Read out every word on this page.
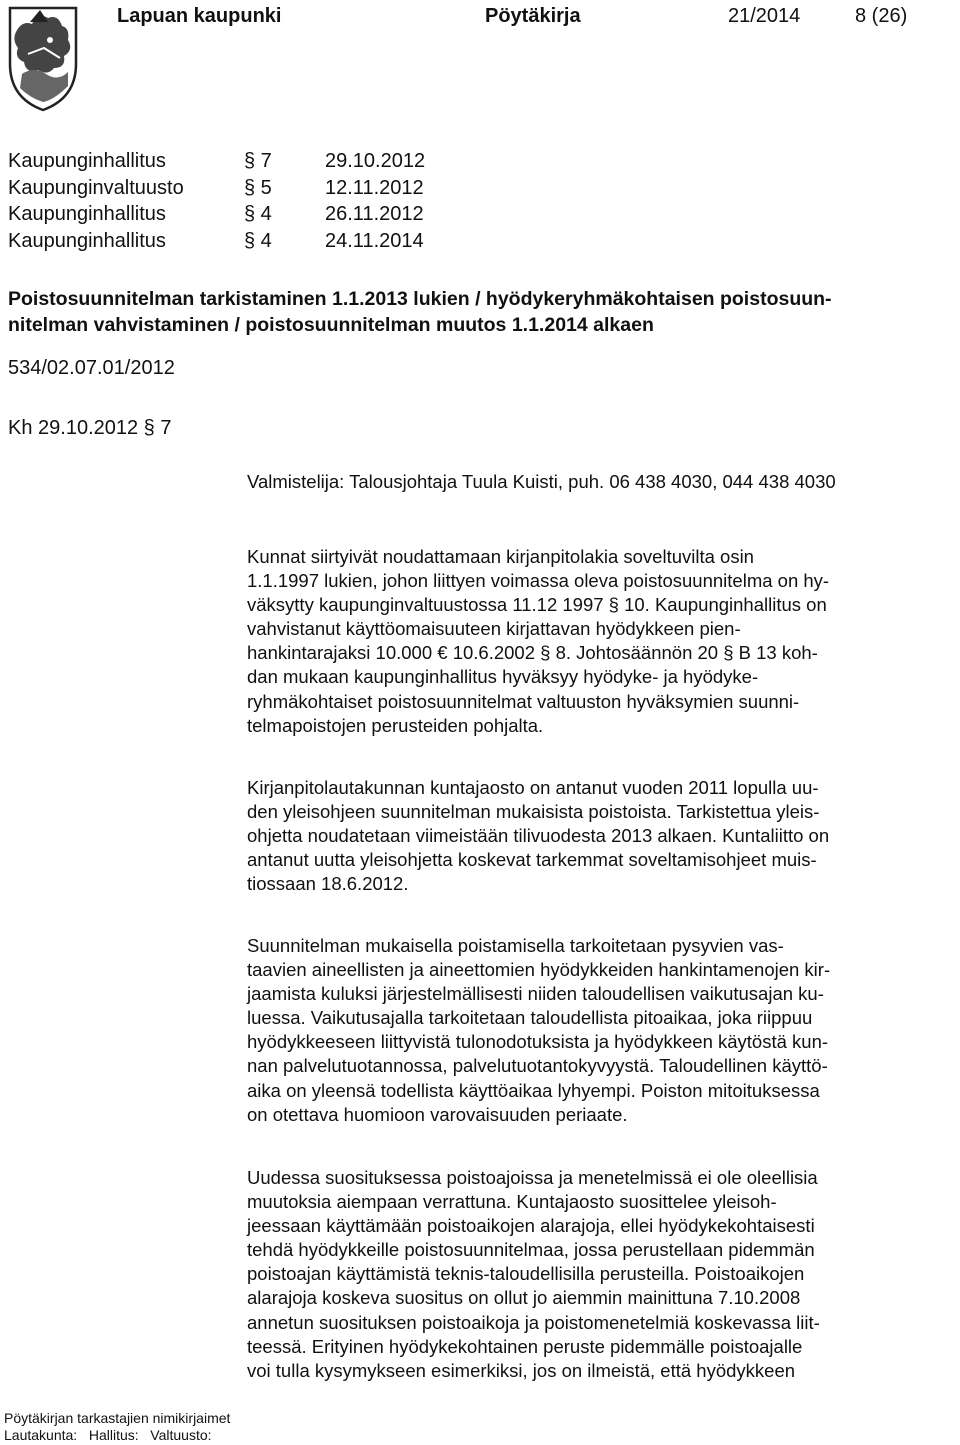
Lapuan kaupunki	Pöytäkirja	21/2014	8 (26)
Kaupunginhallitus	§ 7	29.10.2012
Kaupunginvaltuusto	§ 5	12.11.2012
Kaupunginhallitus	§ 4	26.11.2012
Kaupunginhallitus	§ 4	24.11.2014
Poistosuunnitelman tarkistaminen 1.1.2013 lukien / hyödykeryhmäkohtaisen poistosuun-
nitelman vahvistaminen / poistosuunnitelman muutos 1.1.2014 alkaen
534/02.07.01/2012
Kh 29.10.2012 § 7
Valmistelija: Talousjohtaja Tuula Kuisti, puh. 06 438 4030, 044 438 4030
Kunnat siirtyivät noudattamaan kirjanpitolakia soveltuvilta osin
1.1.1997 lukien, johon liittyen voimassa oleva poistosuunnitelma on hy-
väksytty kaupunginvaltuustossa 11.12 1997 § 10. Kaupunginhallitus on
vahvistanut käyttöomaisuuteen kirjattavan hyödykkeen pien-
hankintarajaksi 10.000 € 10.6.2002 § 8. Johtosäännön 20 § B 13 koh-
dan mukaan kaupunginhallitus hyväksyy hyödyke- ja hyödyke-
ryhmäkohtaiset poistosuunnitelmat valtuuston hyväksymien suunni-
telmapoistojen perusteiden pohjalta.
Kirjanpitolautakunnan kuntajaosto on antanut vuoden 2011 lopulla uu-
den yleisohjeen suunnitelman mukaisista poistoista. Tarkistettua yleis-
ohjetta noudatetaan viimeistään tilivuodesta 2013 alkaen. Kuntaliitto on
antanut uutta yleisohjetta koskevat tarkemmat soveltamisohjeet muis-
tiossaan 18.6.2012.
Suunnitelman mukaisella poistamisella tarkoitetaan pysyvien vas-
taavien aineellisten ja aineettomien hyödykkeiden hankintamenojen kir-
jaamista kuluksi järjestelmällisesti niiden taloudellisen vaikutusajan ku-
luessa. Vaikutusajalla tarkoitetaan taloudellista pitoaikaa, joka riippuu
hyödykkeeseen liittyvistä tulonodotuksista ja hyödykkeen käytöstä kun-
nan palvelutuotannossa, palvelutuotantokyvyystä. Taloudellinen käyttö-
aika on yleensä todellista käyttöaikaa lyhyempi. Poiston mitoituksessa
on otettava huomioon varovaisuuden periaate.
Uudessa suosituksessa poistoajoissa ja menetelmissä ei ole oleellisia
muutoksia aiempaan verrattuna. Kuntajaosto suosittelee yleisoh-
jeessaan käyttämään poistoaikojen alarajoja, ellei hyödykekohtaisesti
tehdä hyödykkeille poistosuunnitelmaa, jossa perustellaan pidemmän
poistoajan käyttämistä teknis-taloudellisilla perusteilla. Poistoaikojen
alarajoja koskeva suositus on ollut jo aiemmin mainittuna 7.10.2008
annetun suosituksen poistoaikoja ja poistomenetelmiä koskevassa liit-
teessä. Erityinen hyödykekohtainen peruste pidemmälle poistoajalle
voi tulla kysymykseen esimerkiksi, jos on ilmeistä, että hyödykkeen
Pöytäkirjan tarkastajien nimikirjaimet
Lautakunta:   Hallitus:   Valtuusto:
